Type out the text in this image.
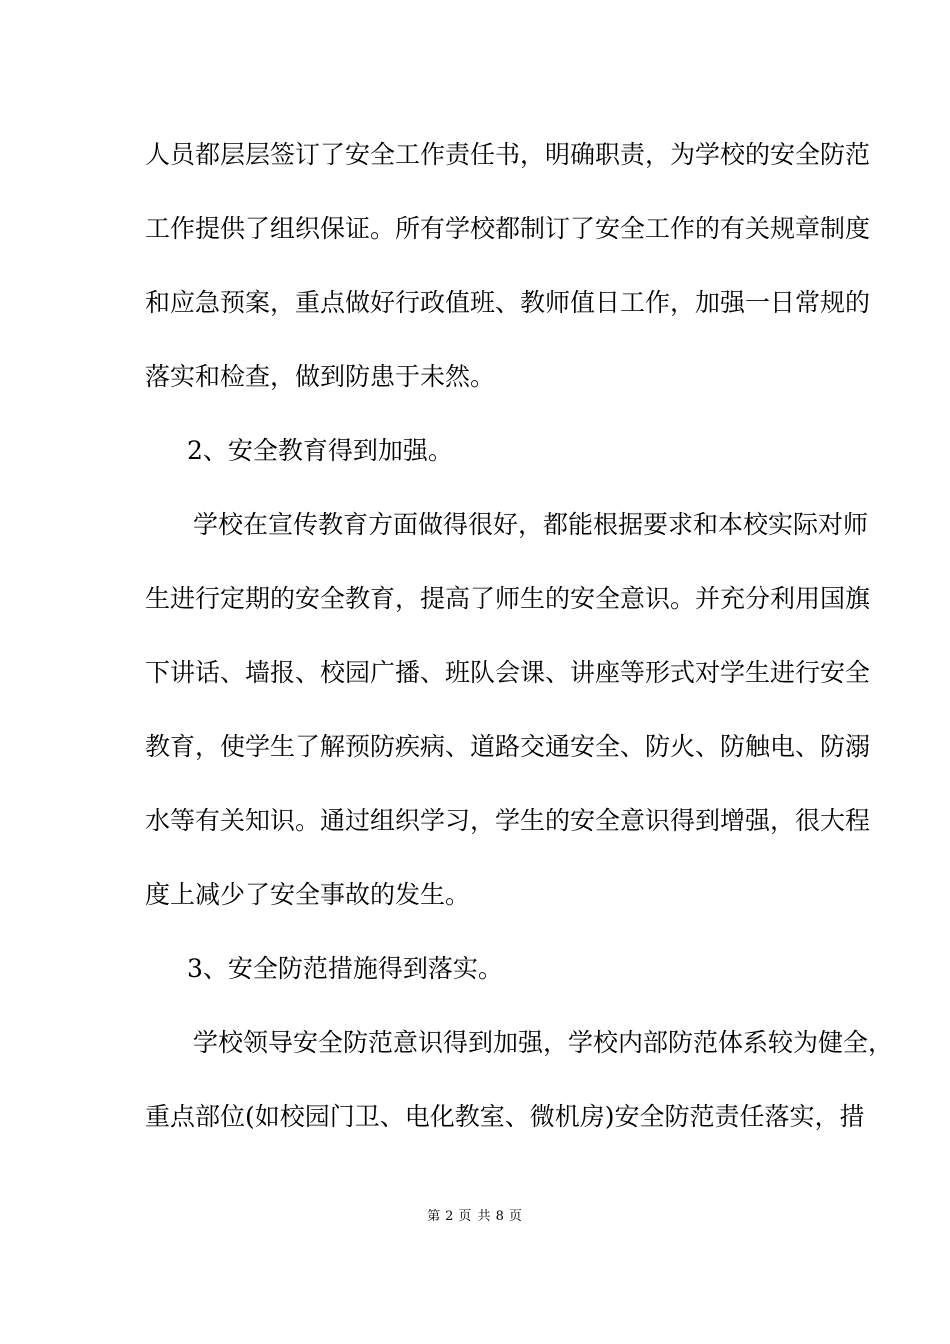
人员都层层签订了安全工作责任书，明确职责，为学校的安全防范
工作提供了组织保证。所有学校都制订了安全工作的有关规章制度
和应急预案，重点做好行政值班、教师值日工作，加强一日常规的
落实和检查，做到防患于未然。
2、安全教育得到加强。
学校在宣传教育方面做得很好，都能根据要求和本校实际对师
生进行定期的安全教育，提高了师生的安全意识。并充分利用国旗
下讲话、墙报、校园广播、班队会课、讲座等形式对学生进行安全
教育，使学生了解预防疾病、道路交通安全、防火、防触电、防溺
水等有关知识。通过组织学习，学生的安全意识得到增强，很大程
度上减少了安全事故的发生。
3、安全防范措施得到落实。
学校领导安全防范意识得到加强，学校内部防范体系较为健全，
重点部位(如校园门卫、电化教室、微机房)安全防范责任落实，措
第 2 页 共 8 页
